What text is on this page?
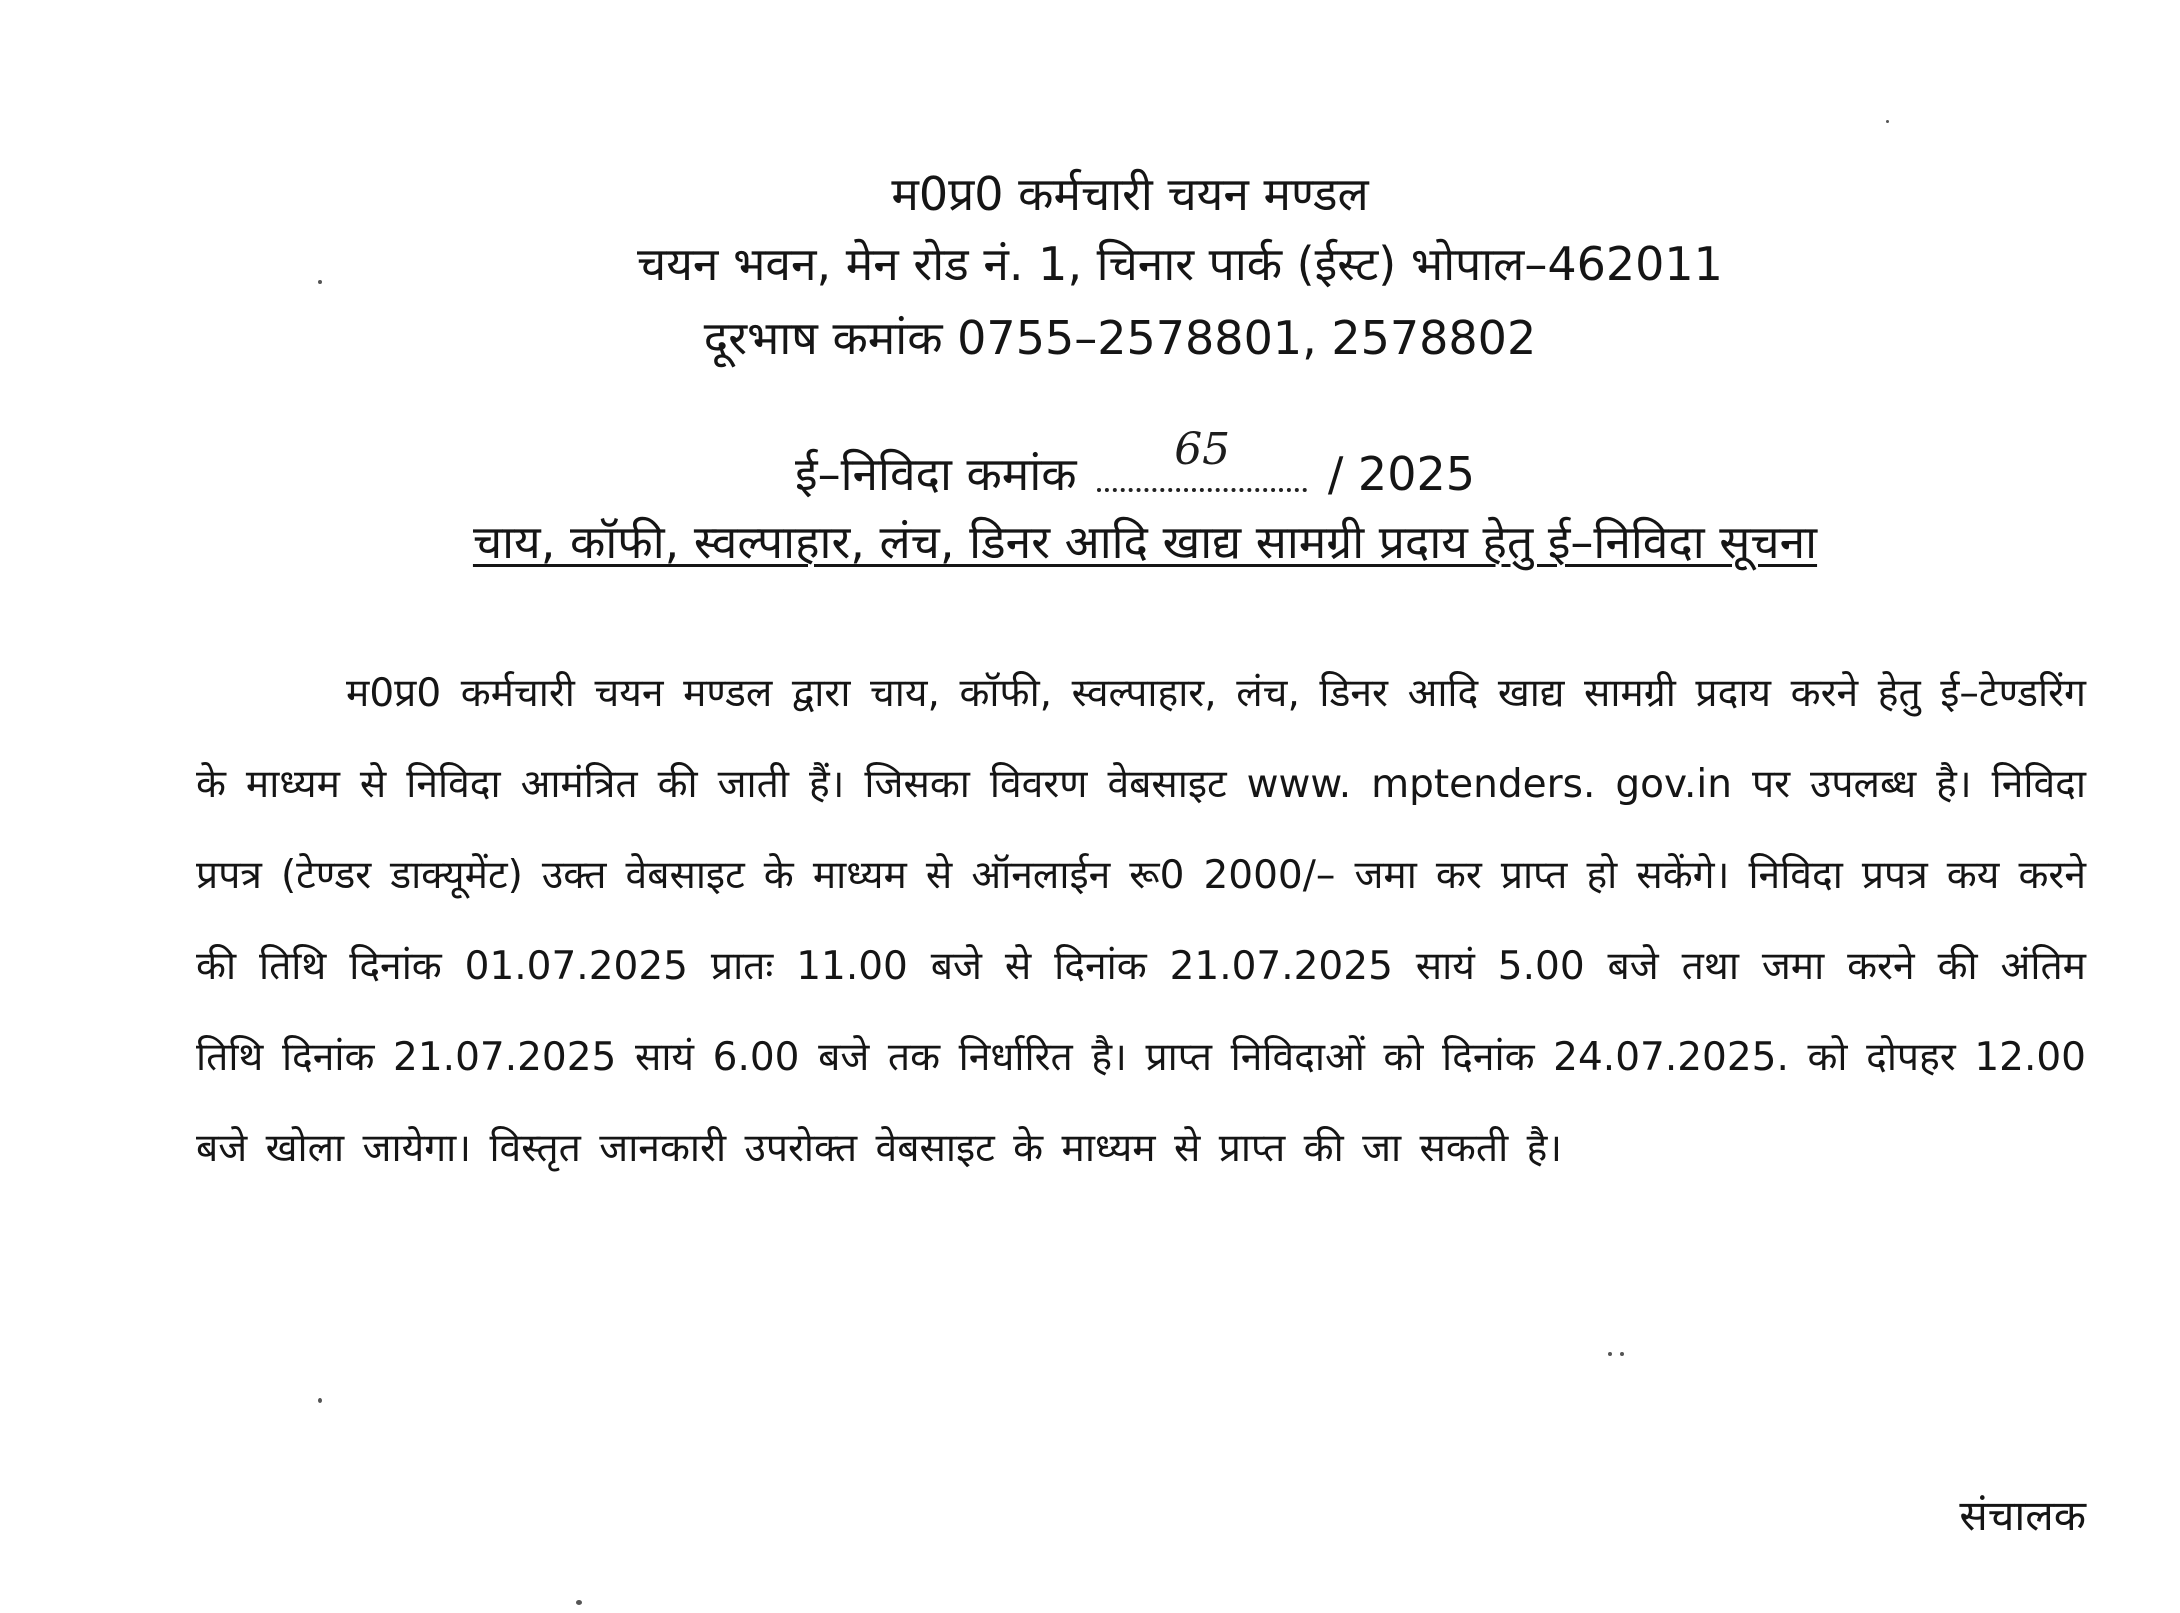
म0प्र0 कर्मचारी चयन मण्डल
चयन भवन, मेन रोड नं. 1, चिनार पार्क (ईस्ट) भोपाल–462011
दूरभाष कमांक 0755–2578801, 2578802
ई–निविदा कमांक	65	/ 2025
चाय, कॉफी, स्वल्पाहार, लंच, डिनर आदि खाद्य सामग्री प्रदाय हेतु ई–निविदा सूचना
म0प्र0 कर्मचारी चयन मण्डल द्वारा चाय, कॉफी, स्वल्पाहार, लंच, डिनर आदि खाद्य सामग्री प्रदाय करने हेतु ई–टेण्डरिंग के माध्यम से निविदा आमंत्रित की जाती हैं। जिसका विवरण वेबसाइट www. mptenders. gov.in पर उपलब्ध है। निविदा प्रपत्र (टेण्डर डाक्यूमेंट) उक्त वेबसाइट के माध्यम से ऑनलाईन रू0 2000/– जमा कर प्राप्त हो सकेंगे। निविदा प्रपत्र कय करने की तिथि दिनांक 01.07.2025 प्रातः 11.00 बजे से दिनांक 21.07.2025 सायं 5.00 बजे तथा जमा करने की अंतिम तिथि दिनांक 21.07.2025 सायं 6.00 बजे तक निर्धारित है। प्राप्त निविदाओं को दिनांक 24.07.2025. को दोपहर 12.00 बजे खोला जायेगा। विस्तृत जानकारी उपरोक्त वेबसाइट के माध्यम से प्राप्त की जा सकती है।
संचालक
